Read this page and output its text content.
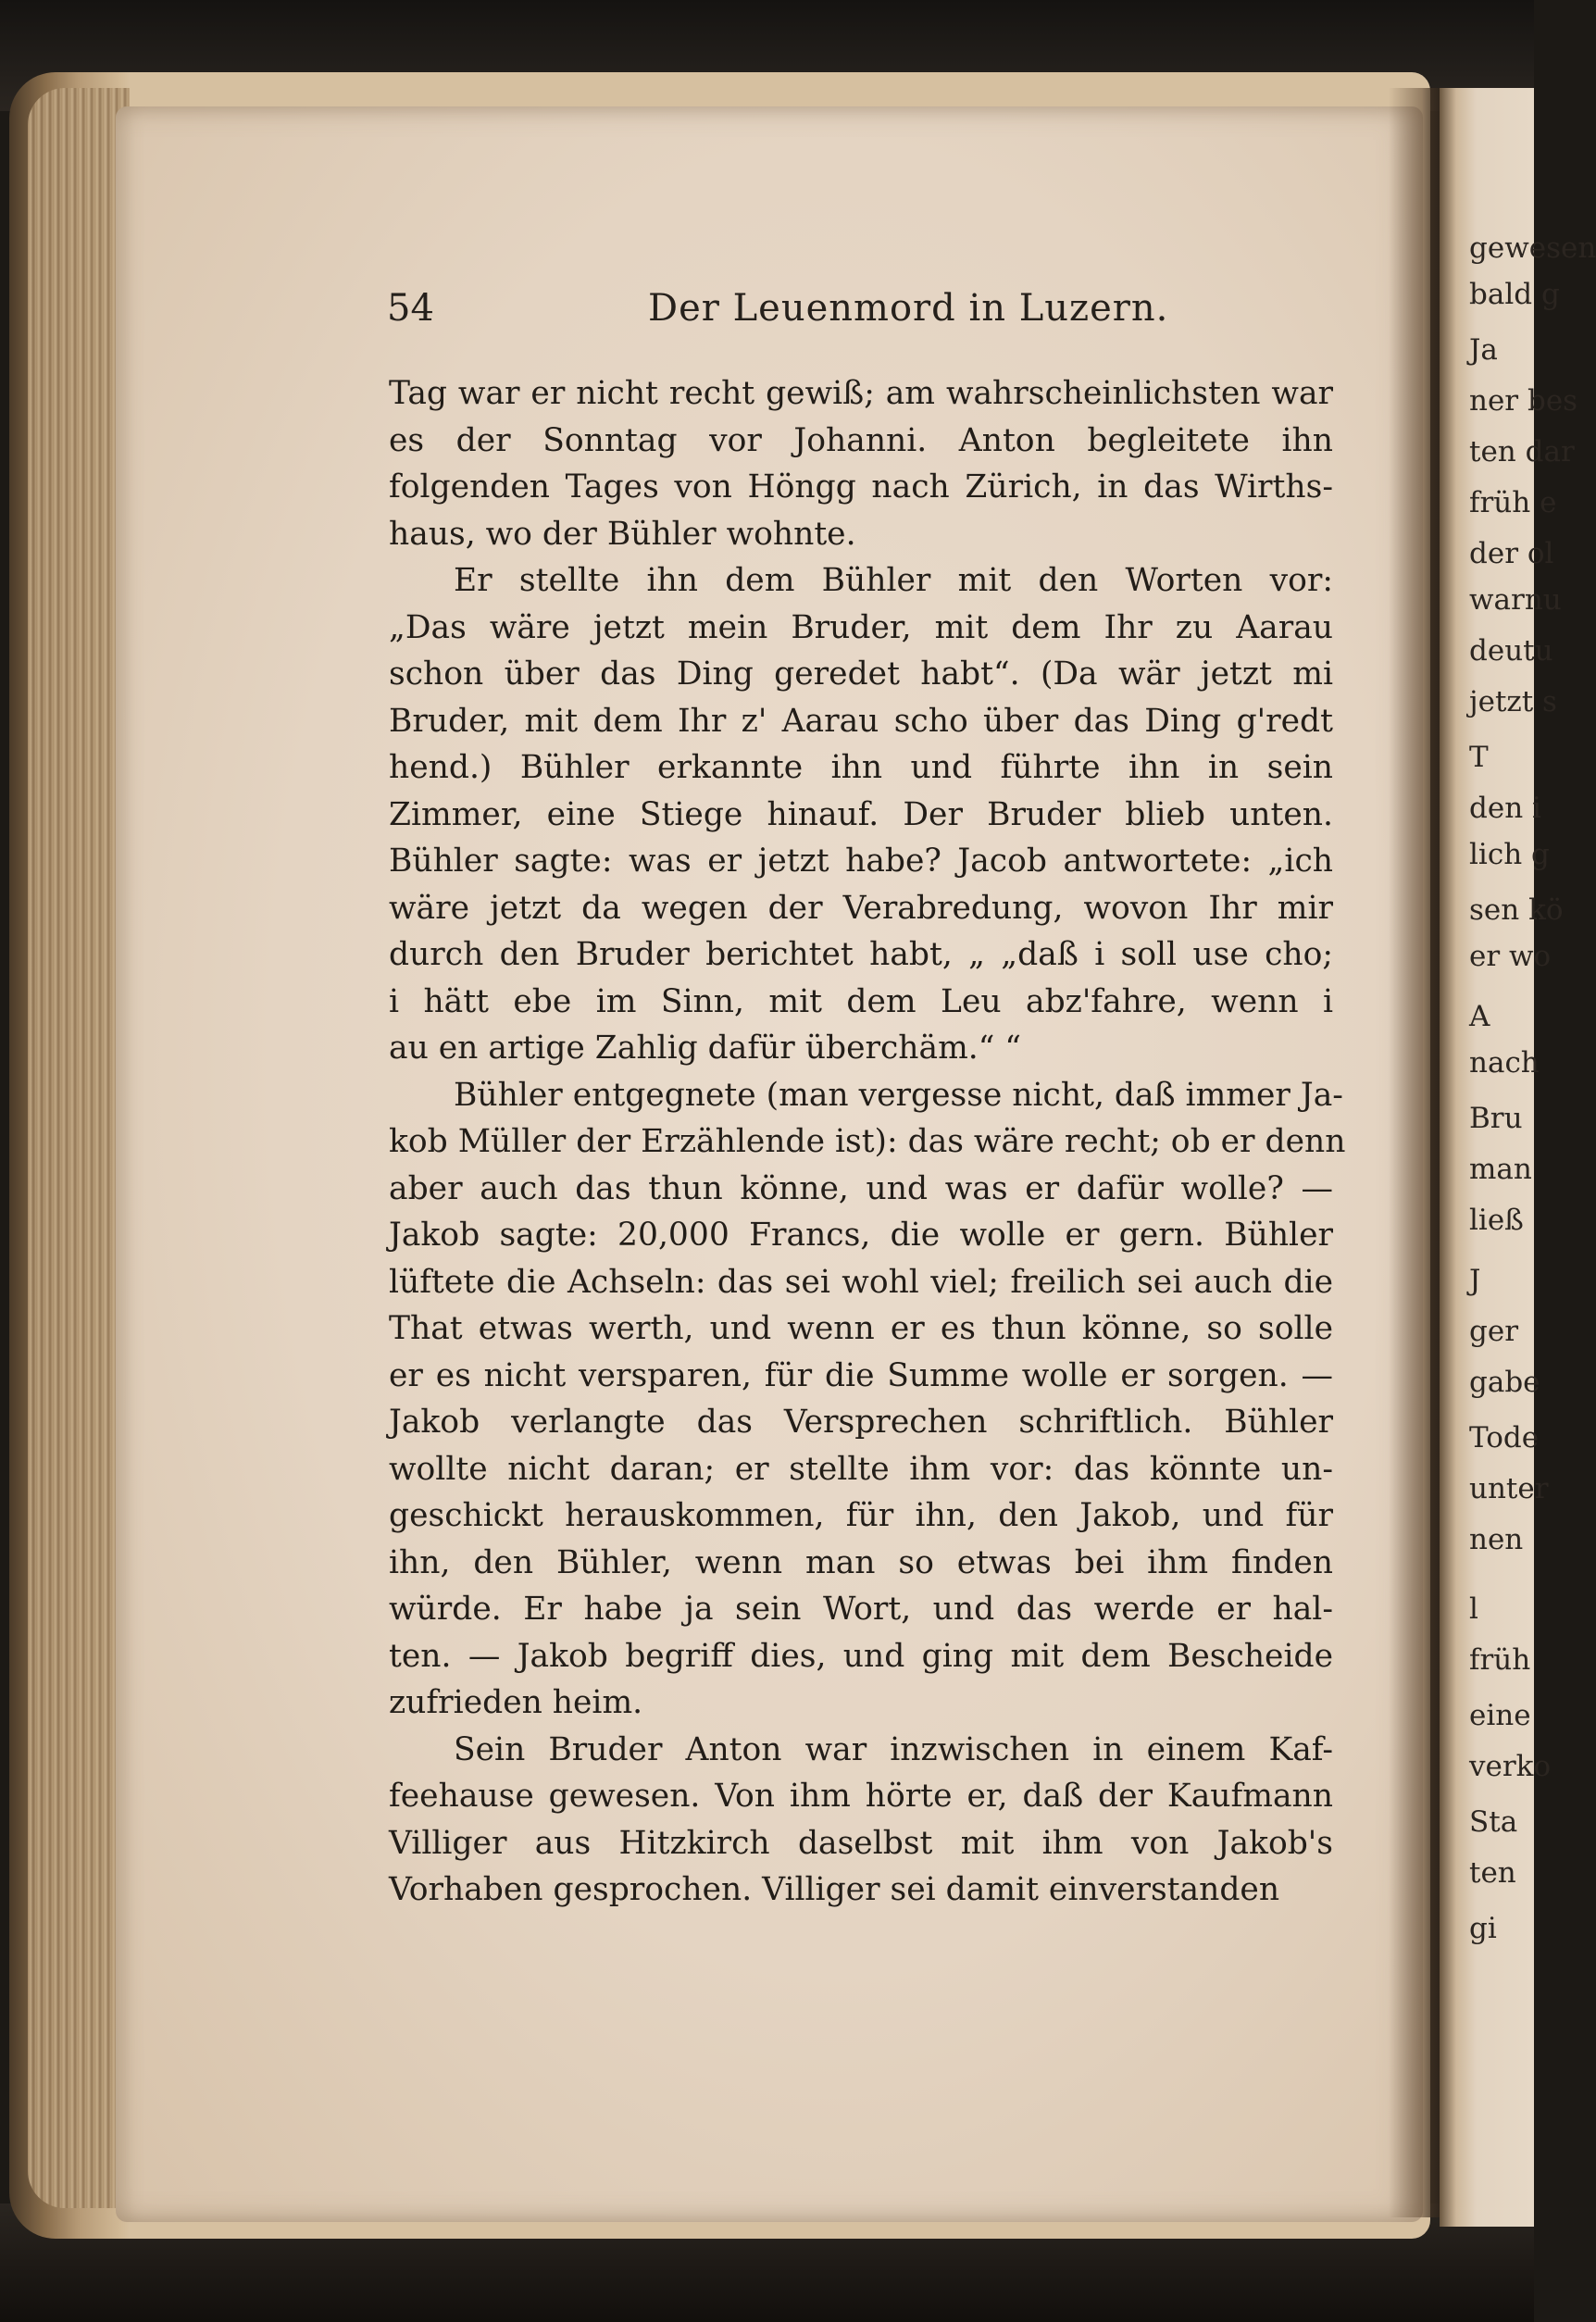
gewesen
bald g
Ja
ner bes
ten dar
früh e
der ol
warnu
deutu
jetzt s
T
den i
lich g
sen kö
er wo
A
nach
Bru
man
ließ
J
ger
gabe
Tode
unter
nen
l
früh
eine
verko
Sta
ten
gi
54	Der Leuenmord in Luzern.
Tag war er nicht recht gewiß; am wahrscheinlichsten war
es der Sonntag vor Johanni. Anton begleitete ihn
folgenden Tages von Höngg nach Zürich, in das Wirths-
haus, wo der Bühler wohnte.
Er stellte ihn dem Bühler mit den Worten vor:
„Das wäre jetzt mein Bruder, mit dem Ihr zu Aarau
schon über das Ding geredet habt“. (Da wär jetzt mi
Bruder, mit dem Ihr z' Aarau scho über das Ding g'redt
hend.) Bühler erkannte ihn und führte ihn in sein
Zimmer, eine Stiege hinauf. Der Bruder blieb unten.
Bühler sagte: was er jetzt habe? Jacob antwortete: „ich
wäre jetzt da wegen der Verabredung, wovon Ihr mir
durch den Bruder berichtet habt, „ „daß i soll use cho;
i hätt ebe im Sinn, mit dem Leu abz'fahre, wenn i
au en artige Zahlig dafür überchäm.“ “
Bühler entgegnete (man vergesse nicht, daß immer Ja-
kob Müller der Erzählende ist): das wäre recht; ob er denn
aber auch das thun könne, und was er dafür wolle? —
Jakob sagte: 20,000 Francs, die wolle er gern. Bühler
lüftete die Achseln: das sei wohl viel; freilich sei auch die
That etwas werth, und wenn er es thun könne, so solle
er es nicht versparen, für die Summe wolle er sorgen. —
Jakob verlangte das Versprechen schriftlich. Bühler
wollte nicht daran; er stellte ihm vor: das könnte un-
geschickt herauskommen, für ihn, den Jakob, und für
ihn, den Bühler, wenn man so etwas bei ihm finden
würde. Er habe ja sein Wort, und das werde er hal-
ten. — Jakob begriff dies, und ging mit dem Bescheide
zufrieden heim.
Sein Bruder Anton war inzwischen in einem Kaf-
feehause gewesen. Von ihm hörte er, daß der Kaufmann
Villiger aus Hitzkirch daselbst mit ihm von Jakob's
Vorhaben gesprochen. Villiger sei damit einverstanden
